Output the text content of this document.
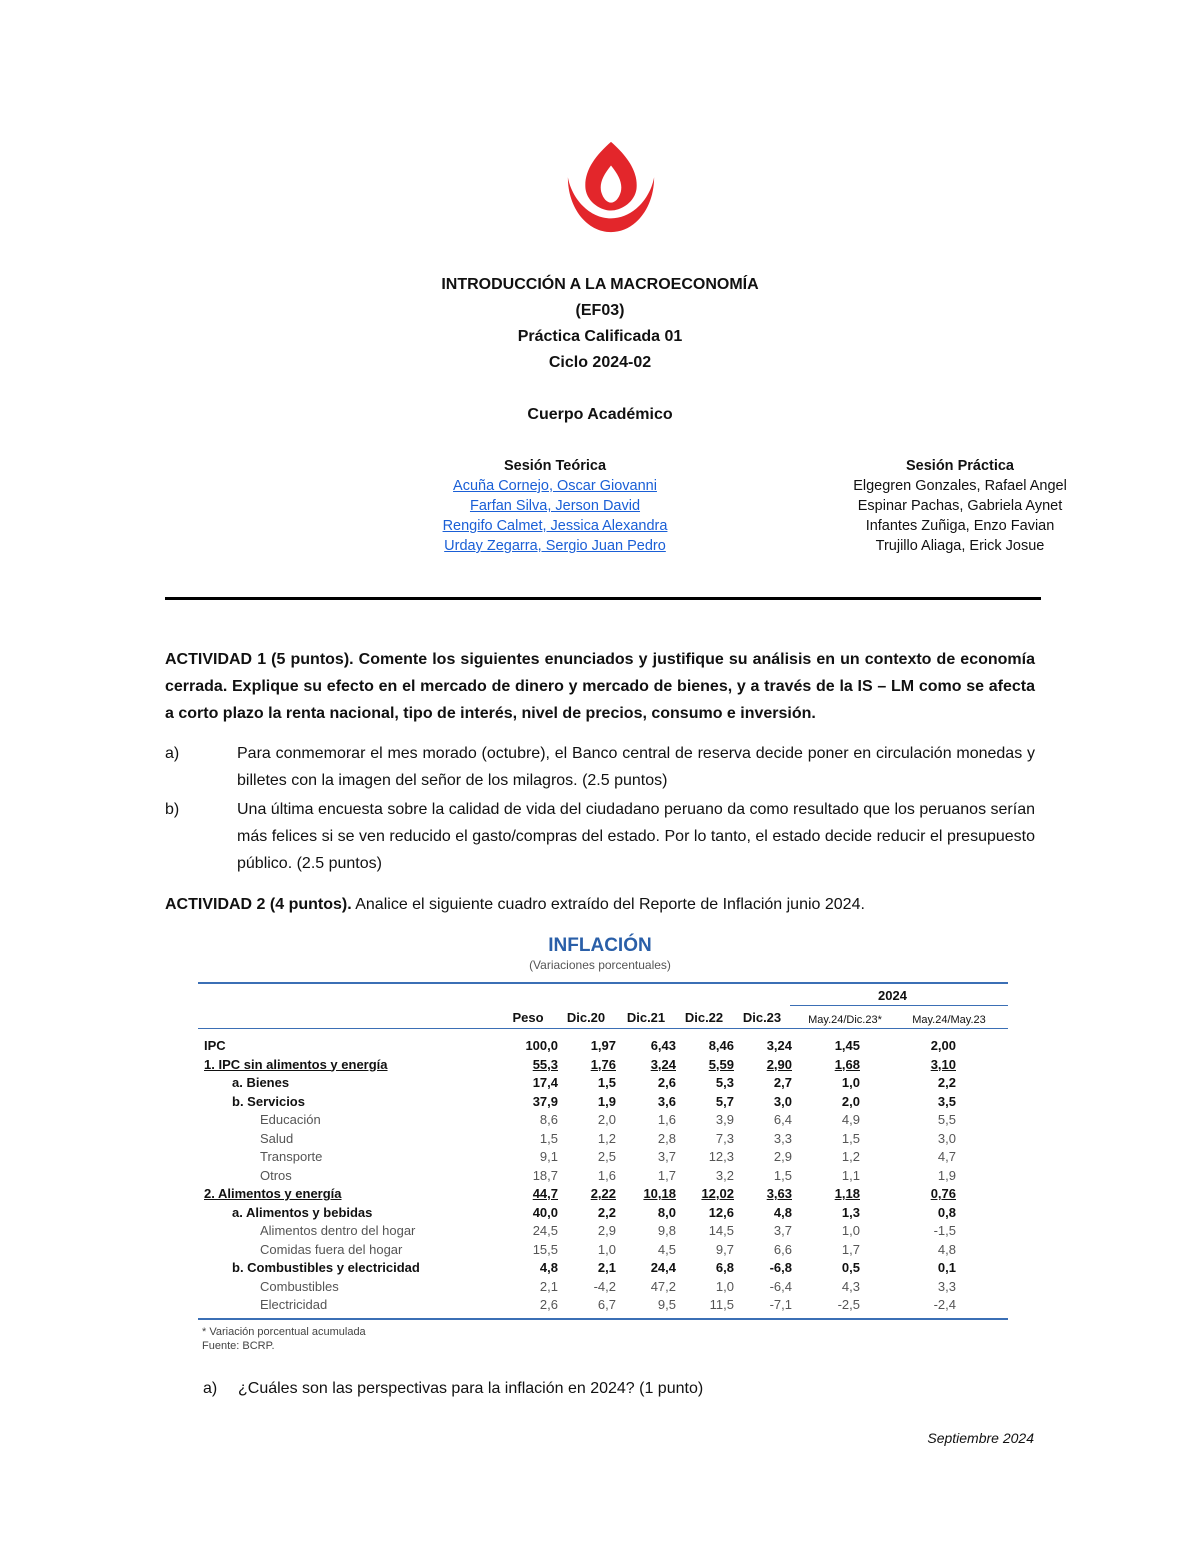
INTRODUCCIÓN A LA MACROECONOMÍA
(EF03)
Práctica Calificada 01
Ciclo 2024-02
Cuerpo Académico
Sesión Teórica
Acuña Cornejo, Oscar Giovanni
Farfan Silva, Jerson David
Rengifo Calmet, Jessica Alexandra
Urday Zegarra, Sergio Juan Pedro
Sesión Práctica
Elgegren Gonzales, Rafael Angel
Espinar Pachas, Gabriela Aynet
Infantes Zuñiga, Enzo Favian
Trujillo Aliaga, Erick Josue
ACTIVIDAD 1 (5 puntos). Comente los siguientes enunciados y justifique su análisis en un contexto de economía cerrada. Explique su efecto en el mercado de dinero y mercado de bienes, y a través de la IS – LM como se afecta a corto plazo la renta nacional, tipo de interés, nivel de precios, consumo e inversión.
a)	Para conmemorar el mes morado (octubre), el Banco central de reserva decide poner en circulación monedas y billetes con la imagen del señor de los milagros. (2.5 puntos)
b)	Una última encuesta sobre la calidad de vida del ciudadano peruano da como resultado que los peruanos serían más felices si se ven reducido el gasto/compras del estado. Por lo tanto, el estado decide reducir el presupuesto público. (2.5 puntos)
ACTIVIDAD 2 (4 puntos). Analice el siguiente cuadro extraído del Reporte de Inflación junio 2024.
INFLACIÓN
(Variaciones porcentuales)
2024
Peso	Dic.20	Dic.21	Dic.22	Dic.23	May.24/Dic.23*	May.24/May.23
IPC	100,0	1,97	6,43	8,46	3,24	1,45	2,00
1. IPC sin alimentos y energía	55,3	1,76	3,24	5,59	2,90	1,68	3,10
a. Bienes	17,4	1,5	2,6	5,3	2,7	1,0	2,2
b. Servicios	37,9	1,9	3,6	5,7	3,0	2,0	3,5
Educación	8,6	2,0	1,6	3,9	6,4	4,9	5,5
Salud	1,5	1,2	2,8	7,3	3,3	1,5	3,0
Transporte	9,1	2,5	3,7	12,3	2,9	1,2	4,7
Otros	18,7	1,6	1,7	3,2	1,5	1,1	1,9
2. Alimentos y energía	44,7	2,22	10,18	12,02	3,63	1,18	0,76
a. Alimentos y bebidas	40,0	2,2	8,0	12,6	4,8	1,3	0,8
Alimentos dentro del hogar	24,5	2,9	9,8	14,5	3,7	1,0	-1,5
Comidas fuera del hogar	15,5	1,0	4,5	9,7	6,6	1,7	4,8
b. Combustibles y electricidad	4,8	2,1	24,4	6,8	-6,8	0,5	0,1
Combustibles	2,1	-4,2	47,2	1,0	-6,4	4,3	3,3
Electricidad	2,6	6,7	9,5	11,5	-7,1	-2,5	-2,4
* Variación porcentual acumulada
Fuente: BCRP.
a)	¿Cuáles son las perspectivas para la inflación en 2024? (1 punto)
Septiembre 2024
